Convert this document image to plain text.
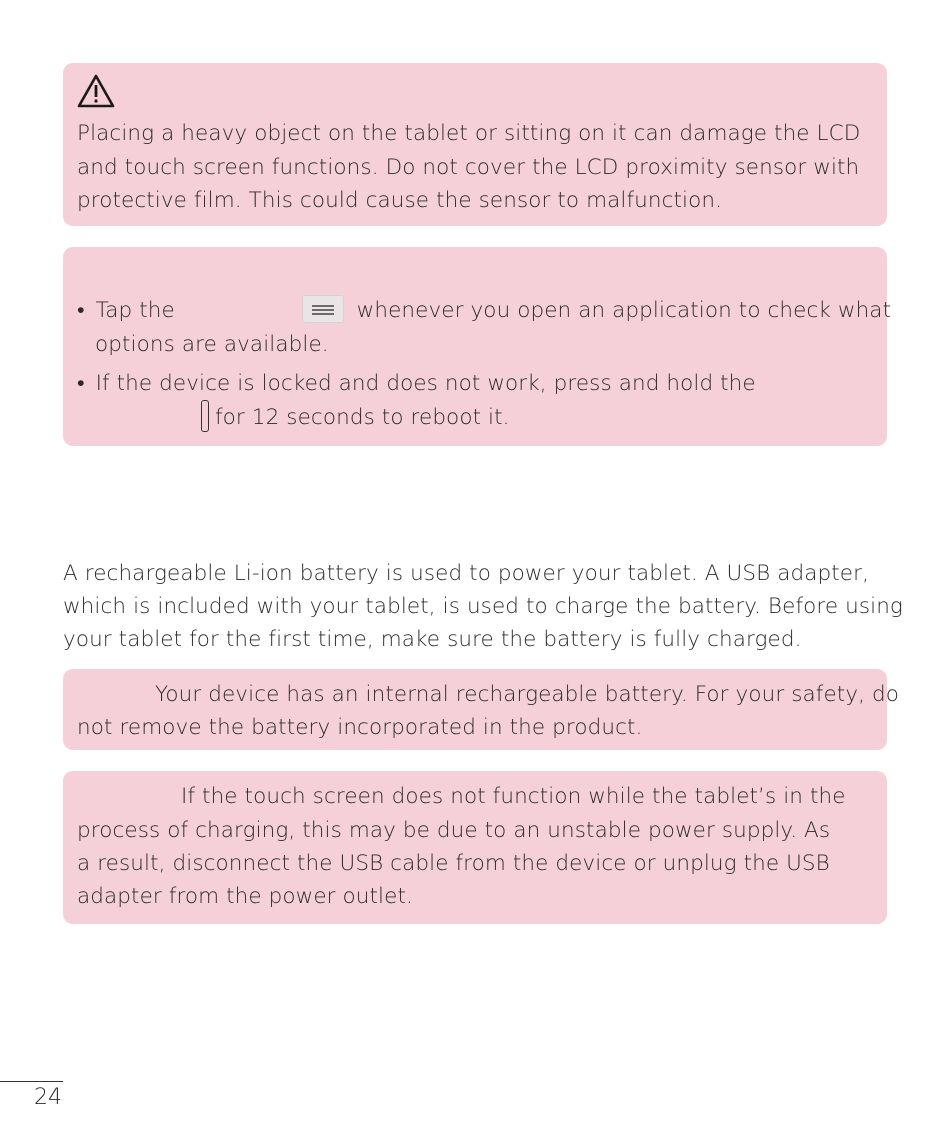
Placing a heavy object on the tablet or sitting on it can damage the LCD

and touch screen functions. Do not cover the LCD proximity sensor with

protective film. This could cause the sensor to malfunction.

• Tap the	whenever you open an application to check what

options are available.

• If the device is locked and does not work, press and hold the

for 12 seconds to reboot it.

A rechargeable Li-ion battery is used to power your tablet. A USB adapter,

which is included with your tablet, is used to charge the battery. Before using

your tablet for the first time, make sure the battery is fully charged.

Your device has an internal rechargeable battery. For your safety, do

not remove the battery incorporated in the product.

If the touch screen does not function while the tablet’s in the

process of charging, this may be due to an unstable power supply. As

a result, disconnect the USB cable from the device or unplug the USB

adapter from the power outlet.

24
